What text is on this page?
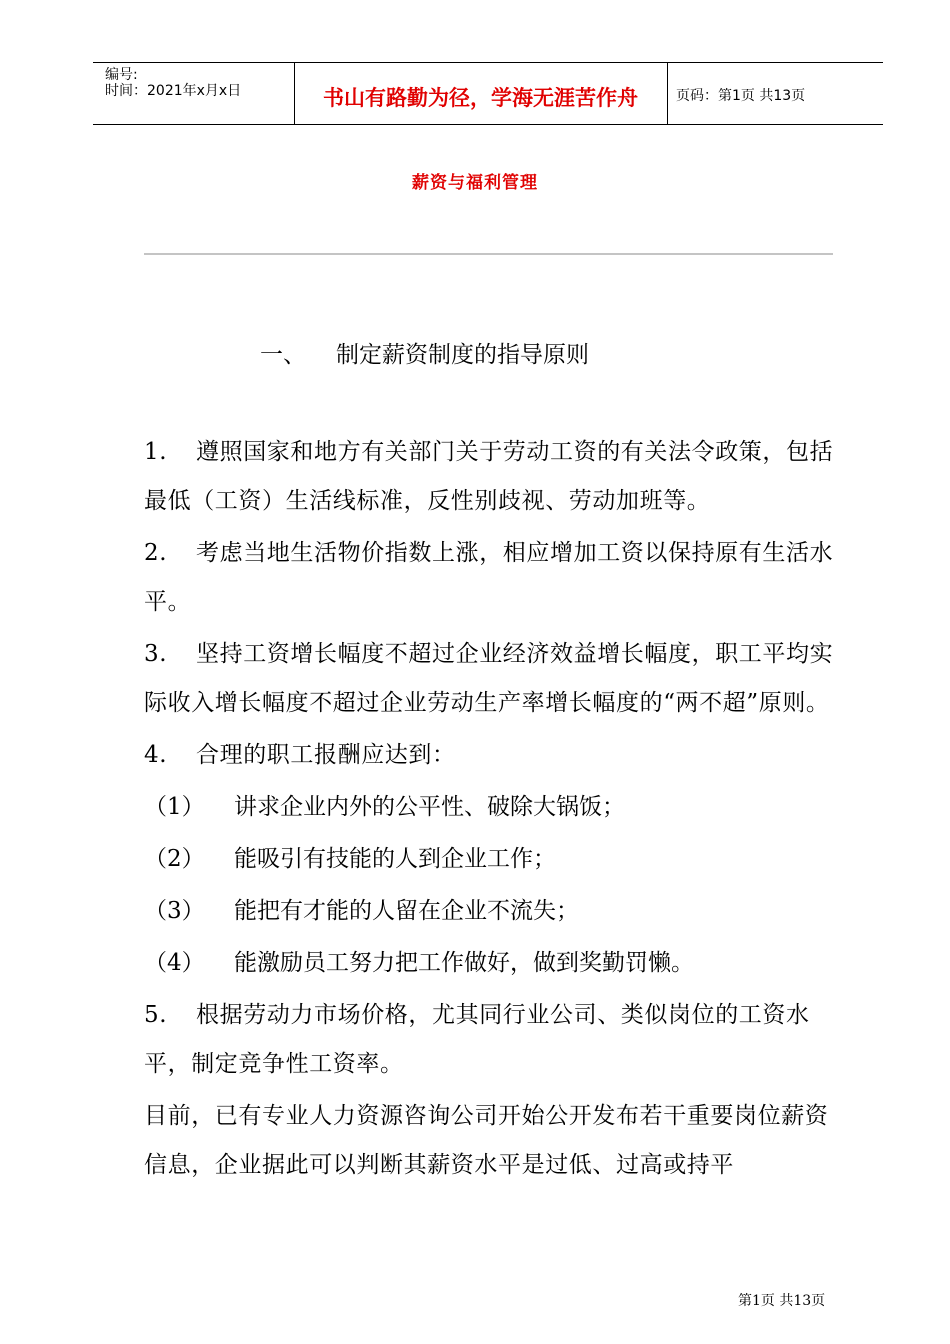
编号:
时间：2021年x月x日	书山有路勤为径，学海无涯苦作舟	页码：第1页 共13页
薪资与福利管理
一、 制定薪资制度的指导原则

1. 遵照国家和地方有关部门关于劳动工资的有关法令政策，包括最低（工资）生活线标准，反性别歧视、劳动加班等。

2. 考虑当地生活物价指数上涨，相应增加工资以保持原有生活水平。

3. 坚持工资增长幅度不超过企业经济效益增长幅度，职工平均实际收入增长幅度不超过企业劳动生产率增长幅度的“两不超”原则。

4. 合理的职工报酬应达到：

（1） 讲求企业内外的公平性、破除大锅饭；

（2） 能吸引有技能的人到企业工作；

（3） 能把有才能的人留在企业不流失；

（4） 能激励员工努力把工作做好，做到奖勤罚懒。

5. 根据劳动力市场价格，尤其同行业公司、类似岗位的工资水平，制定竞争性工资率。

目前，已有专业人力资源咨询公司开始公开发布若干重要岗位薪资信息，企业据此可以判断其薪资水平是过低、过高或持平

第1页 共13页
